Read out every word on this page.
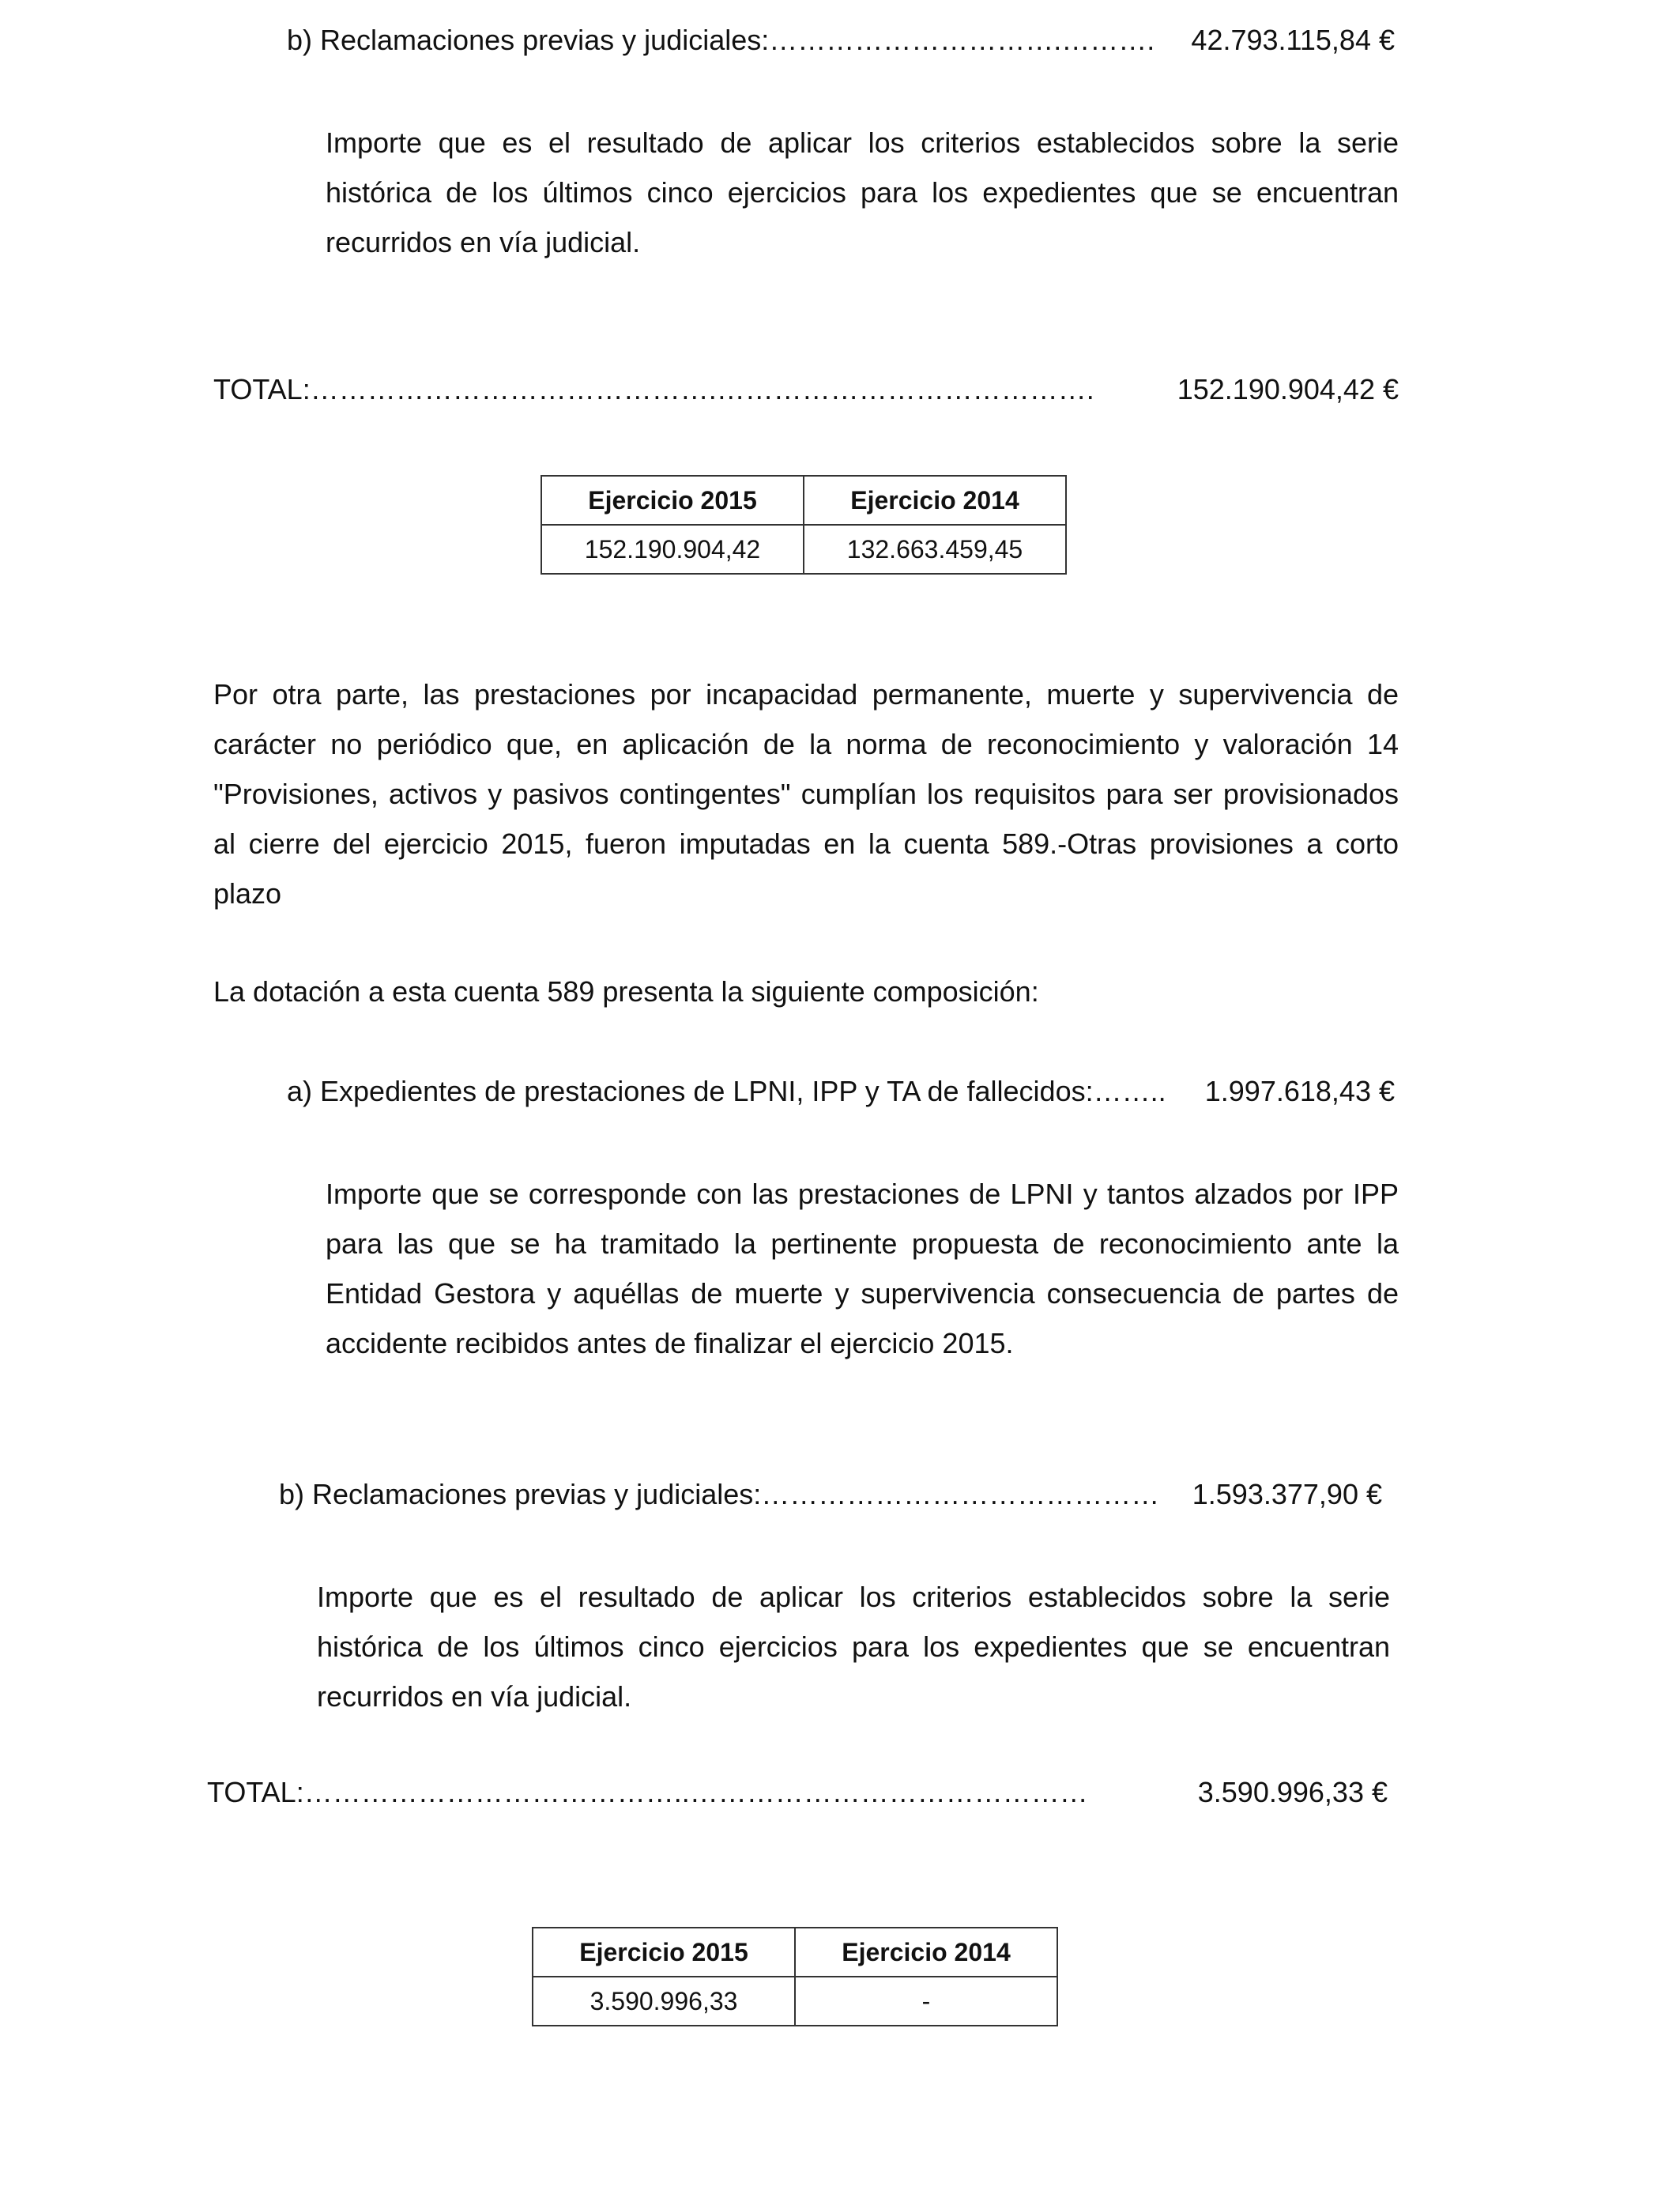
b) Reclamaciones previas y judiciales: ………………………….……….	42.793.115,84 €
Importe que es el resultado de aplicar los criterios establecidos sobre la serie histórica de los últimos cinco ejercicios para los expedientes que se encuentran recurridos en vía judicial.
TOTAL: …………………………………….………………………………….	152.190.904,42 €
Ejercicio 2015	Ejercicio 2014
152.190.904,42	132.663.459,45
Por otra parte, las prestaciones por incapacidad permanente, muerte y supervivencia de carácter no periódico que, en aplicación de la norma de reconocimiento y valoración 14 "Provisiones, activos y pasivos contingentes" cumplían los requisitos para ser provisionados al cierre del ejercicio 2015, fueron imputadas en la cuenta 589.-Otras provisiones a corto plazo
La dotación a esta cuenta 589 presenta la siguiente composición:
a) Expedientes de prestaciones de LPNI, IPP y TA de fallecidos: ……..	1.997.618,43 €
Importe que se corresponde con las prestaciones de LPNI y tantos alzados por IPP para las que se ha tramitado la pertinente propuesta de reconocimiento ante la Entidad Gestora y aquéllas de muerte y supervivencia consecuencia de partes de accidente recibidos antes de finalizar el ejercicio 2015.
b) Reclamaciones previas y judiciales: ……………………………………	1.593.377,90 €
Importe que es el resultado de aplicar los criterios establecidos sobre la serie histórica de los últimos cinco ejercicios para los expedientes que se encuentran recurridos en vía judicial.
TOTAL: …………………………………..……………………………………	3.590.996,33 €
Ejercicio 2015	Ejercicio 2014
3.590.996,33	-
